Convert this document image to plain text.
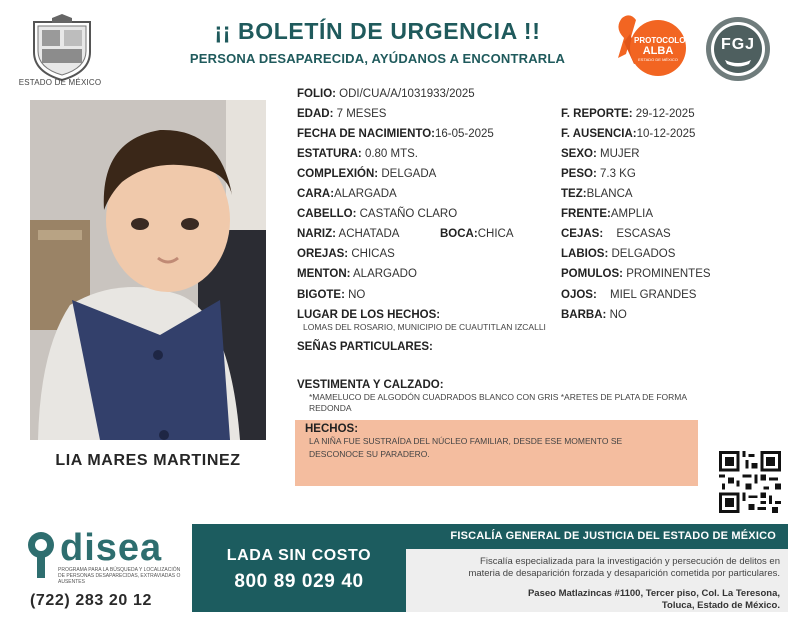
ESTADO DE MÉXICO
¡¡ BOLETÍN DE URGENCIA !!
PERSONA DESAPARECIDA, AYÚDANOS A ENCONTRARLA
PROTOCOLO
ALBA
ESTADO DE MÉXICO
FGJ
LIA MARES MARTINEZ
FOLIO: ODI/CUA/A/1031933/2025
EDAD: 7 MESES
FECHA DE NACIMIENTO:16-05-2025
ESTATURA: 0.80 MTS.
COMPLEXIÓN: DELGADA
CARA:ALARGADA
CABELLO: CASTAÑO CLARO
NARIZ: ACHATADA	BOCA:CHICA
OREJAS: CHICAS
MENTON: ALARGADO
BIGOTE: NO
LUGAR DE LOS HECHOS:
LOMAS DEL ROSARIO, MUNICIPIO DE CUAUTITLAN IZCALLI
SEÑAS PARTICULARES:
VESTIMENTA Y CALZADO:
*MAMELUCO DE ALGODÓN CUADRADOS BLANCO CON GRIS *ARETES DE PLATA DE FORMA
REDONDA
F. REPORTE: 29-12-2025
F. AUSENCIA:10-12-2025
SEXO: MUJER
PESO: 7.3 KG
TEZ:BLANCA
FRENTE:AMPLIA
CEJAS: ESCASAS
LABIOS: DELGADOS
POMULOS: PROMINENTES
OJOS: MIEL GRANDES
BARBA: NO
HECHOS:
LA NIÑA FUE SUSTRAÍDA DEL NÚCLEO FAMILIAR, DESDE ESE MOMENTO SE
DESCONOCE SU PARADERO.
disea
PROGRAMA PARA LA BÚSQUEDA Y LOCALIZACIÓN DE PERSONAS DESAPARECIDAS, EXTRAVIADAS O AUSENTES
(722) 283 20 12
LADA SIN COSTO
800 89 029 40
FISCALÍA GENERAL DE JUSTICIA DEL ESTADO DE MÉXICO
Fiscalía especializada para la investigación y persecución de delitos en
materia de desaparición forzada y desaparición cometida por particulares.
Paseo Matlazincas #1100, Tercer piso, Col. La Teresona,
Toluca, Estado de México.
